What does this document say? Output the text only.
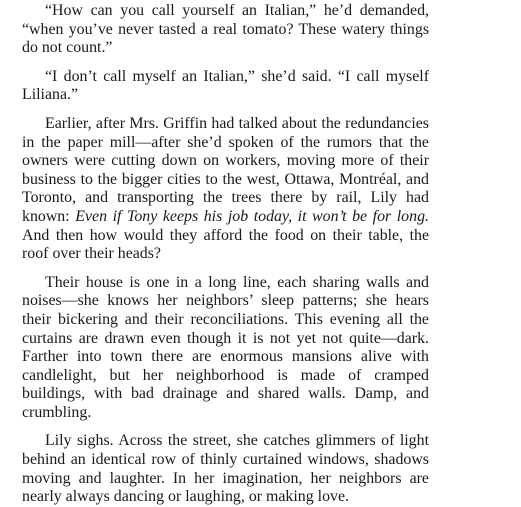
“How can you call yourself an Italian,” he’d demanded, “when you’ve never tasted a real tomato? These watery things do not count.”

“I don’t call myself an Italian,” she’d said. “I call myself Liliana.”

Earlier, after Mrs. Griffin had talked about the redundancies in the paper mill—after she’d spoken of the rumors that the owners were cutting down on workers, moving more of their business to the bigger cities to the west, Ottawa, Montréal, and Toronto, and transporting the trees there by rail, Lily had known: Even if Tony keeps his job today, it won’t be for long. And then how would they afford the food on their table, the roof over their heads?

Their house is one in a long line, each sharing walls and noises—she knows her neighbors’ sleep patterns; she hears their bickering and their reconciliations. This evening all the curtains are drawn even though it is not yet not quite—dark. Farther into town there are enormous mansions alive with candlelight, but her neighborhood is made of cramped buildings, with bad drainage and shared walls. Damp, and crumbling.

Lily sighs. Across the street, she catches glimmers of light behind an identical row of thinly curtained windows, shadows moving and laughter. In her imagination, her neighbors are nearly always dancing or laughing, or making love.
